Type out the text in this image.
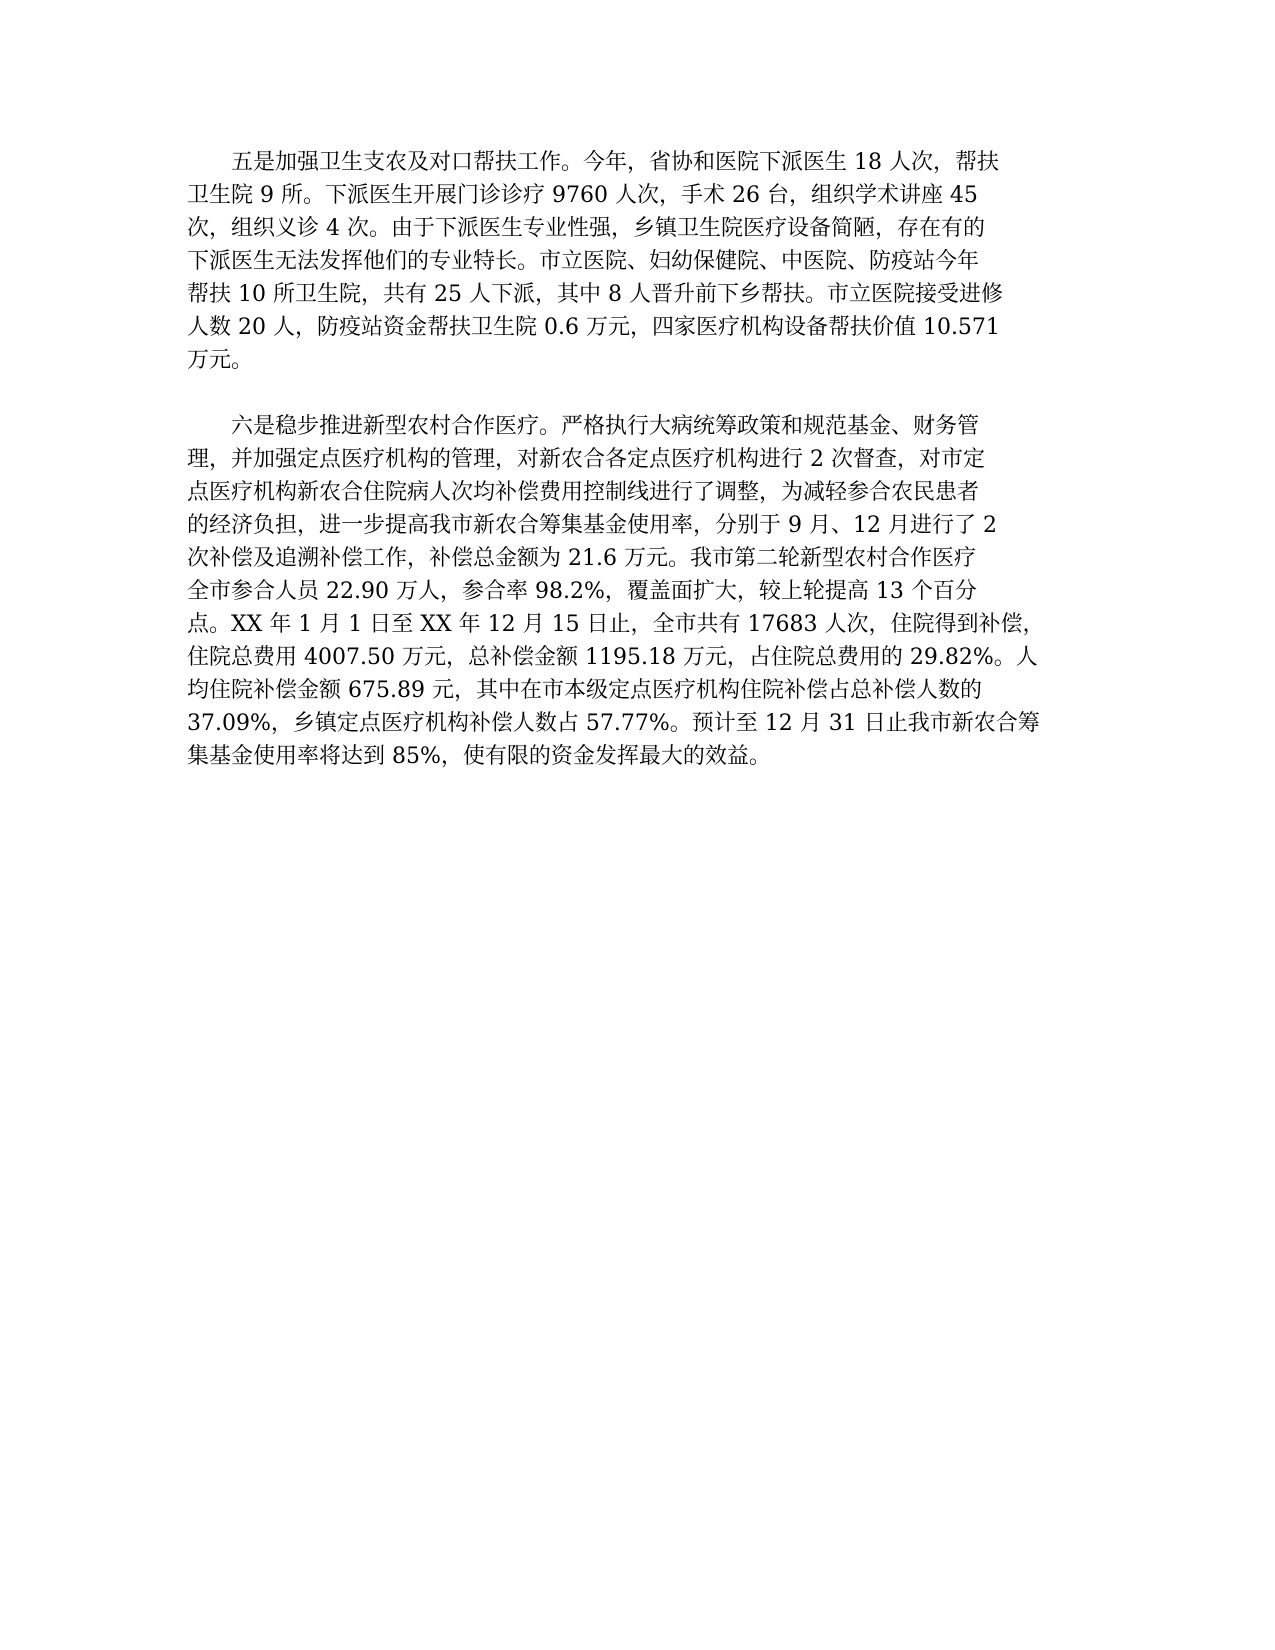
　　五是加强卫生支农及对口帮扶工作。今年，省协和医院下派医生 18 人次，帮扶
卫生院 9 所。下派医生开展门诊诊疗 9760 人次，手术 26 台，组织学术讲座 45
次，组织义诊 4 次。由于下派医生专业性强，乡镇卫生院医疗设备简陋，存在有的
下派医生无法发挥他们的专业特长。市立医院、妇幼保健院、中医院、防疫站今年
帮扶 10 所卫生院，共有 25 人下派，其中 8 人晋升前下乡帮扶。市立医院接受进修
人数 20 人，防疫站资金帮扶卫生院 0.6 万元，四家医疗机构设备帮扶价值 10.571
万元。
　　六是稳步推进新型农村合作医疗。严格执行大病统筹政策和规范基金、财务管
理，并加强定点医疗机构的管理，对新农合各定点医疗机构进行 2 次督查，对市定
点医疗机构新农合住院病人次均补偿费用控制线进行了调整，为减轻参合农民患者
的经济负担，进一步提高我市新农合筹集基金使用率，分别于 9 月、12 月进行了 2
次补偿及追溯补偿工作，补偿总金额为 21.6 万元。我市第二轮新型农村合作医疗
全市参合人员 22.90 万人，参合率 98.2%，覆盖面扩大，较上轮提高 13 个百分
点。XX 年 1 月 1 日至 XX 年 12 月 15 日止，全市共有 17683 人次，住院得到补偿，
住院总费用 4007.50 万元，总补偿金额 1195.18 万元，占住院总费用的 29.82%。人
均住院补偿金额 675.89 元，其中在市本级定点医疗机构住院补偿占总补偿人数的
37.09%，乡镇定点医疗机构补偿人数占 57.77%。预计至 12 月 31 日止我市新农合筹
集基金使用率将达到 85%，使有限的资金发挥最大的效益。
